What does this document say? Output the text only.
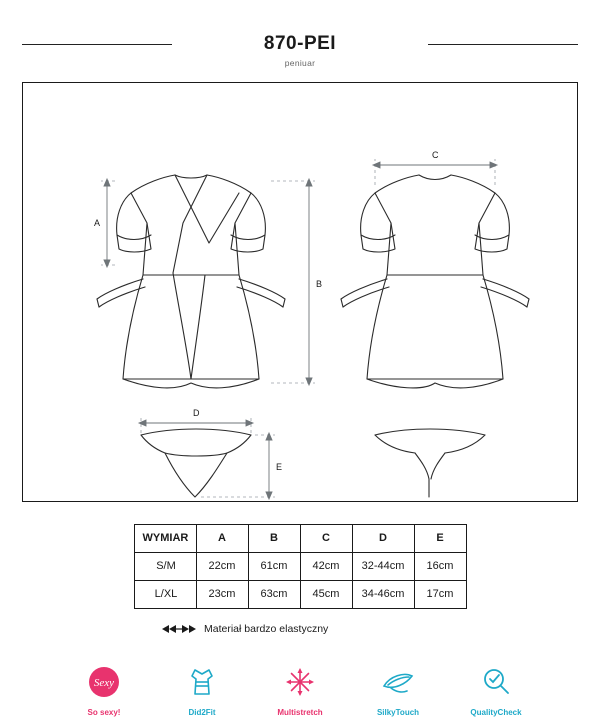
870-PEI
peniuar
A
B
C
D
E
WYMIAR	A	B	C	D	E
S/M	22cm	61cm	42cm	32-44cm	16cm
L/XL	23cm	63cm	45cm	34-46cm	17cm
Materiał bardzo elastyczny
Sexy
So sexy!	Did2Fit	Multistretch	SilkyTouch	QualityCheck
